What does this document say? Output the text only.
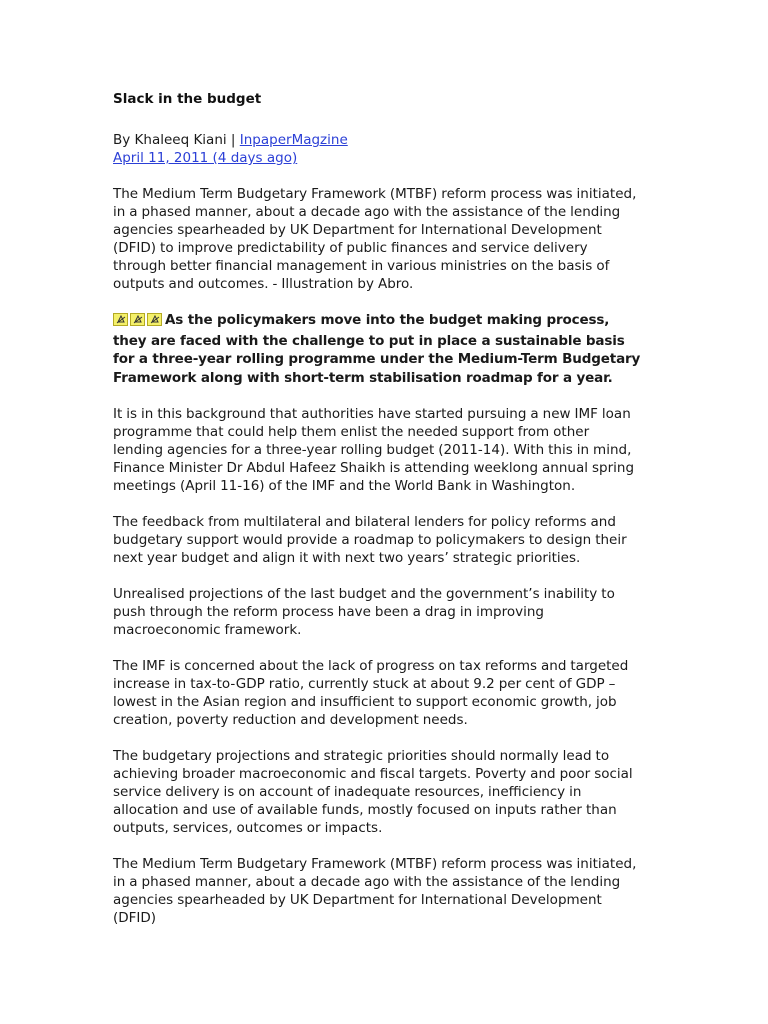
Slack in the budget
By Khaleeq Kiani | InpaperMagzine
April 11, 2011 (4 days ago)

The Medium Term Budgetary Framework (MTBF) reform process was initiated, in a phased manner, about a decade ago with the assistance of the lending agencies spearheaded by UK Department for International Development (DFID) to improve predictability of public finances and service delivery through better financial management in various ministries on the basis of outputs and outcomes. - Illustration by Abro.

As the policymakers move into the budget making process, they are faced with the challenge to put in place a sustainable basis for a three-year rolling programme under the Medium-Term Budgetary Framework along with short-term stabilisation roadmap for a year.

It is in this background that authorities have started pursuing a new IMF loan programme that could help them enlist the needed support from other lending agencies for a three-year rolling budget (2011-14). With this in mind, Finance Minister Dr Abdul Hafeez Shaikh is attending weeklong annual spring meetings (April 11-16) of the IMF and the World Bank in Washington.

The feedback from multilateral and bilateral lenders for policy reforms and budgetary support would provide a roadmap to policymakers to design their next year budget and align it with next two years’ strategic priorities.

Unrealised projections of the last budget and the government’s inability to push through the reform process have been a drag in improving macroeconomic framework.

The IMF is concerned about the lack of progress on tax reforms and targeted increase in tax-to-GDP ratio, currently stuck at about 9.2 per cent of GDP – lowest in the Asian region and insufficient to support economic growth, job creation, poverty reduction and development needs.

The budgetary projections and strategic priorities should normally lead to achieving broader macroeconomic and fiscal targets. Poverty and poor social service delivery is on account of inadequate resources, inefficiency in allocation and use of available funds, mostly focused on inputs rather than outputs, services, outcomes or impacts.

The Medium Term Budgetary Framework (MTBF) reform process was initiated, in a phased manner, about a decade ago with the assistance of the lending agencies spearheaded by UK Department for International Development (DFID)
